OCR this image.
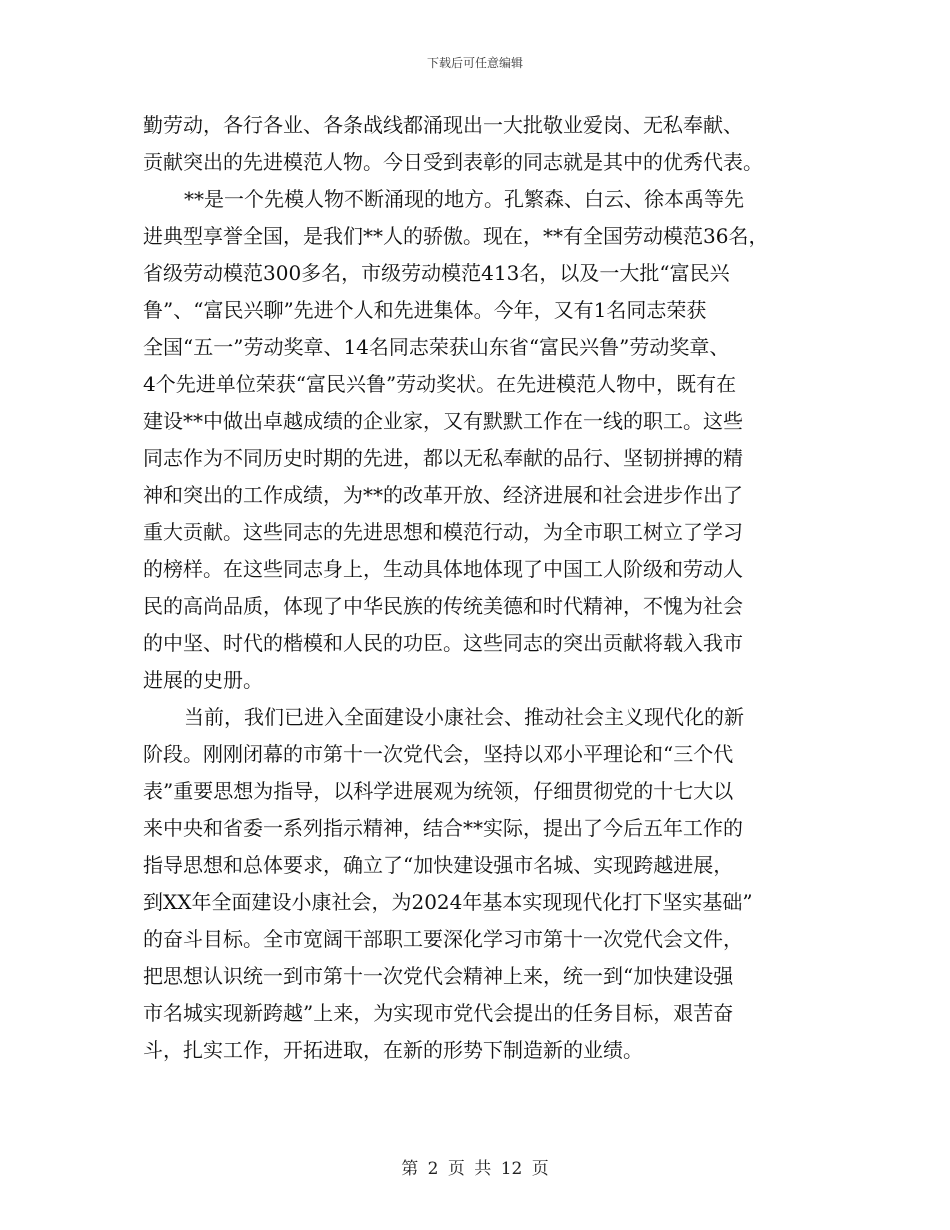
下载后可任意编辑
勤劳动，各行各业、各条战线都涌现出一大批敬业爱岗、无私奉献、
贡献突出的先进模范人物。今日受到表彰的同志就是其中的优秀代表。
**是一个先模人物不断涌现的地方。孔繁森、白云、徐本禹等先
进典型享誉全国，是我们**人的骄傲。现在，**有全国劳动模范36名，
省级劳动模范300多名，市级劳动模范413名，以及一大批“富民兴
鲁”、“富民兴聊”先进个人和先进集体。今年，又有1名同志荣获
全国“五一”劳动奖章、14名同志荣获山东省“富民兴鲁”劳动奖章、
4个先进单位荣获“富民兴鲁”劳动奖状。在先进模范人物中，既有在
建设**中做出卓越成绩的企业家，又有默默工作在一线的职工。这些
同志作为不同历史时期的先进，都以无私奉献的品行、坚韧拼搏的精
神和突出的工作成绩，为**的改革开放、经济进展和社会进步作出了
重大贡献。这些同志的先进思想和模范行动，为全市职工树立了学习
的榜样。在这些同志身上，生动具体地体现了中国工人阶级和劳动人
民的高尚品质，体现了中华民族的传统美德和时代精神，不愧为社会
的中坚、时代的楷模和人民的功臣。这些同志的突出贡献将载入我市
进展的史册。
当前，我们已进入全面建设小康社会、推动社会主义现代化的新
阶段。刚刚闭幕的市第十一次党代会，坚持以邓小平理论和“三个代
表”重要思想为指导，以科学进展观为统领，仔细贯彻党的十七大以
来中央和省委一系列指示精神，结合**实际，提出了今后五年工作的
指导思想和总体要求，确立了“加快建设强市名城、实现跨越进展，
到XX年全面建设小康社会，为2024年基本实现现代化打下坚实基础”
的奋斗目标。全市宽阔干部职工要深化学习市第十一次党代会文件，
把思想认识统一到市第十一次党代会精神上来，统一到“加快建设强
市名城实现新跨越”上来，为实现市党代会提出的任务目标，艰苦奋
斗，扎实工作，开拓进取，在新的形势下制造新的业绩。
第 2 页 共 12 页
